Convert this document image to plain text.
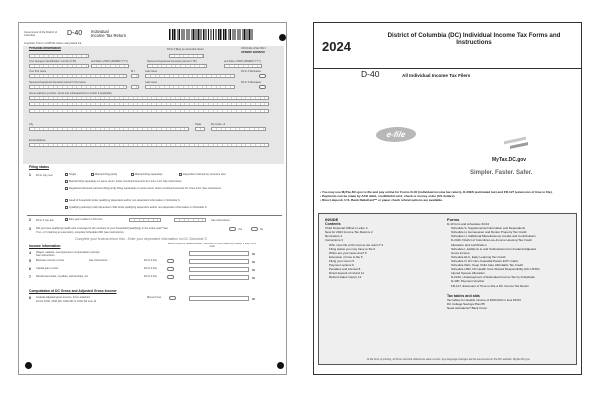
Government of the District of Columbia	D-40 Individual
Income Tax Return
Important: Print in CAPITAL letters using black ink.
Personal information	Fill in if filing an amended return	OFFICIAL USE ONLY
Vendor ID#0000
Your taxpayer identification number (TIN)	and Date of Birth (MMDDYYYY)	Spouse's/registered domestic partner's TIN	and Date of Birth (MMDDYYYY)
Your first name	M.I.	Last name	Fill in if Deceased
Spouse's/registered domestic partner's first name	Last name	Fill in if Deceased
Home address (number, street and suite/apartment number if applicable)
City	State	Zip Code +4
Email Address
Filing status
1 Fill in only one:	Single	Married filing jointly	Married filing separately	Dependent claimed by someone else
Married filing separately on same return. Enter combined amounts for Lines 4-10. See instructions.
Registered domestic partners filing jointly Filing separately on same return. Enter combined amounts for Lines 4-10. See instructions.
Head of household. Enter qualifying dependent and/or non-dependent information in Schedule S.
Qualifying widow(er) with dependent child. Enter qualifying dependent and/or non-dependent information on Schedule S.
2 Fill in if you are:	Part-year resident in DC from	See instructions.
3 Did you have qualifying health care coverage for all members of your household (qualifying) in the entire year? See
If no, or if claiming an exemption, complete Schedule HSR (see instructions).
Yes	No
Complete your federal return first - Enter your dependent information on DC Schedule S
Income information
Round cents to nearest dollar. If amount is zero, leave line blank; if loss, fill in oval
4 Wages, salaries, unemployment compensation and tips,
See instructions.	.00
5 Business income or loss.	See instructions.	Fill in if loss	.00
6 Capital gain or loss	Fill in if loss	.00
7 Rental real estate, royalties, partnerships, etc.	Fill in if loss	.00
Computation of DC Gross and Adjusted Gross Income
8 Federal adjusted gross income. From attached
Forms 1040, 1040-SR, 1040-NR or 1040-SS Line 11
Minus if less	.00
2024
District of Columbia (DC) Individual Income Tax Forms and Instructions
D-40	All Individual Income Tax Filers
e-file
MyTax.DC.gov
Simpler. Faster. Safer.
• You may use MyTax.DC.gov to file and pay online for Forms D-40 (individual income tax return), D-40ES (estimated tax) and FR-127 (extension of time to file).
• Payments can be made by ACH debit, credit/debit card, check or money order (US dollars).
• Direct deposit, U.S. Bank ReliaCard™ or paper check refund options are available.
INSIDE
Contents
Chief Financial Officer's Letter 2
New for 2024 Income Tax Returns 2
Reminders 3
Instructions 3
Who must file a DC income tax return? 3
Filing status you may have to file 5
When are your taxes due? 5
Extension of time to file 5
Filing your return 5
Payment options 6
Penalties and interest 8
Direct deposit of refund 11
Refund status inquiry 12
Forms
D-40 form and schedules 33-64
Schedule S, Supplemental Information and Dependents
Schedule H, Homeowner and Renter Property Tax Credit
Schedule U, Additional Miscellaneous Credits and Contributions
D-2440, District of Columbia Low-Income Housing Tax Credit
Allocation and Certification
Schedule I, Additions to and Subtractions from Federal Adjusted
Gross Income
Schedule ELC, Early Learning Tax Credit
Schedule N, DC Non-Custodial Parent EITC Claim
Schedule KEC, Keep Child Care Affordable Tax Credit
Schedule HSR, DC Health Care Shared Responsibility (DC HSTR)
Injured Spouse Allocation
D-2210, Underpayment of Estimated Income Tax by Individuals
D-40P, Payment Voucher
FR-127, Extension of Time to File a DC Income Tax Return
Tax tables and aids
Tax tables for taxable income of $100,000 or less 65-84
DC College Savings Plan 85
Need assistance? Back Cover
At the time of printing, all forms and line references were correct. Any language changes will be announced on the DC website: MyTax.DC.gov.
